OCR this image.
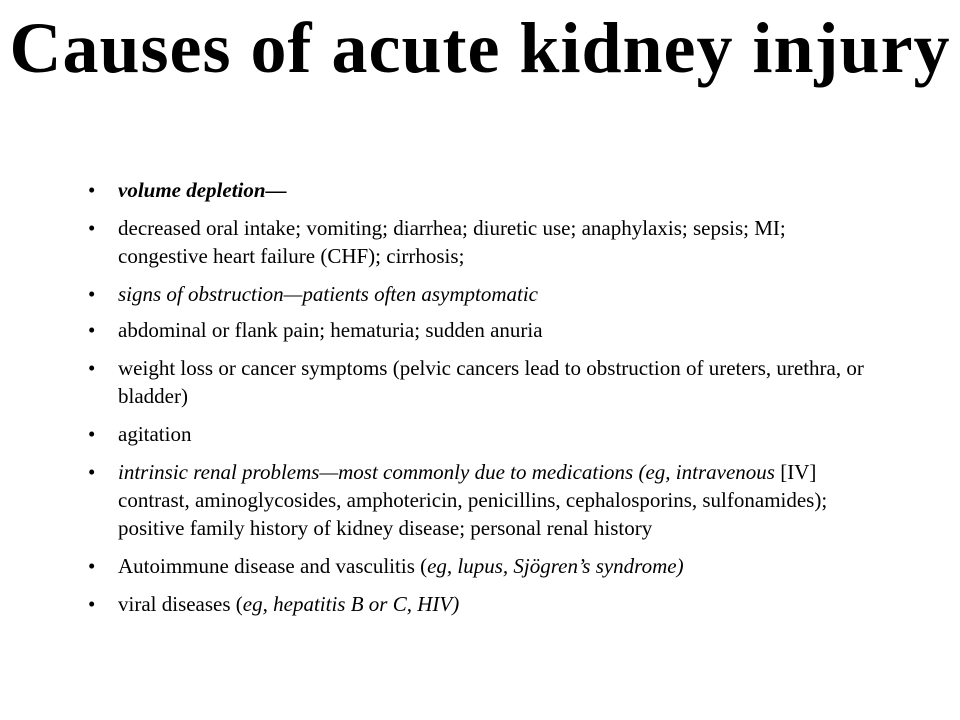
Causes of acute kidney injury
• volume depletion—
• decreased oral intake; vomiting; diarrhea; diuretic use; anaphylaxis; sepsis; MI; congestive heart failure (CHF); cirrhosis;
• signs of obstruction—patients often asymptomatic
• abdominal or flank pain; hematuria; sudden anuria
• weight loss or cancer symptoms (pelvic cancers lead to obstruction of ureters, urethra, or bladder)
• agitation
• intrinsic renal problems—most commonly due to medications (eg, intravenous [IV] contrast, aminoglycosides, amphotericin, penicillins, cephalosporins, sulfonamides); positive family history of kidney disease; personal renal history
• Autoimmune disease and vasculitis (eg, lupus, Sjögren’s syndrome)
• viral diseases (eg, hepatitis B or C, HIV)
